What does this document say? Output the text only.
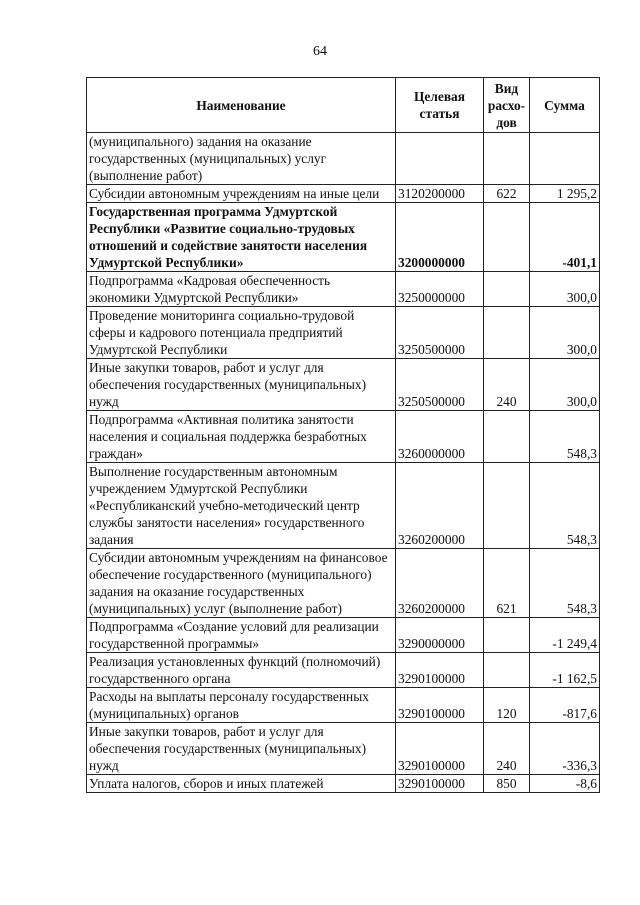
64
Наименование	Целевая статья	Вид расхо-дов	Сумма
(муниципального) задания на оказание государственных (муниципальных) услуг (выполнение работ)			
Субсидии автономным учреждениям на иные цели	3120200000	622	1 295,2
Государственная программа Удмуртской Республики «Развитие социально-трудовых отношений и содействие занятости населения Удмуртской Республики»	3200000000		-401,1
Подпрограмма «Кадровая обеспеченность экономики Удмуртской Республики»	3250000000		300,0
Проведение мониторинга социально-трудовой сферы и кадрового потенциала предприятий Удмуртской Республики	3250500000		300,0
Иные закупки товаров, работ и услуг для обеспечения государственных (муниципальных) нужд	3250500000	240	300,0
Подпрограмма «Активная политика занятости населения и социальная поддержка безработных граждан»	3260000000		548,3
Выполнение государственным автономным учреждением Удмуртской Республики «Республиканский учебно-методический центр службы занятости населения» государственного задания	3260200000		548,3
Субсидии автономным учреждениям на финансовое обеспечение государственного (муниципального) задания на оказание государственных (муниципальных) услуг (выполнение работ)	3260200000	621	548,3
Подпрограмма «Создание условий для реализации государственной программы»	3290000000		-1 249,4
Реализация установленных функций (полномочий) государственного органа	3290100000		-1 162,5
Расходы на выплаты персоналу государственных (муниципальных) органов	3290100000	120	-817,6
Иные закупки товаров, работ и услуг для обеспечения государственных (муниципальных) нужд	3290100000	240	-336,3
Уплата налогов, сборов и иных платежей	3290100000	850	-8,6
